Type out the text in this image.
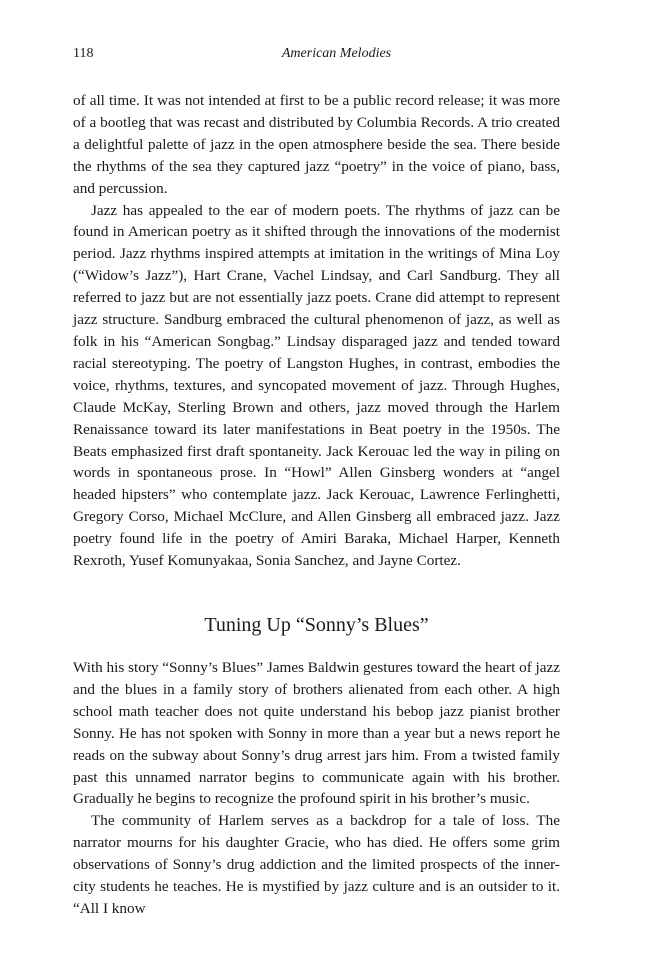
118	American Melodies

of all time. It was not intended at first to be a public record release; it was more of a bootleg that was recast and distributed by Columbia Records. A trio created a delightful palette of jazz in the open atmosphere beside the sea. There beside the rhythms of the sea they captured jazz “poetry” in the voice of piano, bass, and percussion.

Jazz has appealed to the ear of modern poets. The rhythms of jazz can be found in American poetry as it shifted through the innovations of the modernist period. Jazz rhythms inspired attempts at imitation in the writings of Mina Loy (“Widow’s Jazz”), Hart Crane, Vachel Lindsay, and Carl Sandburg. They all referred to jazz but are not essentially jazz poets. Crane did attempt to represent jazz structure. Sandburg embraced the cultural phenomenon of jazz, as well as folk in his “American Songbag.” Lindsay disparaged jazz and tended toward racial stereotyping. The poetry of Langston Hughes, in contrast, embodies the voice, rhythms, textures, and syncopated movement of jazz. Through Hughes, Claude McKay, Sterling Brown and others, jazz moved through the Harlem Renaissance toward its later manifestations in Beat poetry in the 1950s. The Beats emphasized first draft spontaneity. Jack Kerouac led the way in piling on words in spontaneous prose. In “Howl” Allen Ginsberg wonders at “angel headed hipsters” who contemplate jazz. Jack Kerouac, Lawrence Ferlinghetti, Gregory Corso, Michael McClure, and Allen Ginsberg all embraced jazz. Jazz poetry found life in the poetry of Amiri Baraka, Michael Harper, Kenneth Rexroth, Yusef Komunyakaa, Sonia Sanchez, and Jayne Cortez.

Tuning Up “Sonny’s Blues”

With his story “Sonny’s Blues” James Baldwin gestures toward the heart of jazz and the blues in a family story of brothers alienated from each other. A high school math teacher does not quite understand his bebop jazz pianist brother Sonny. He has not spoken with Sonny in more than a year but a news report he reads on the subway about Sonny’s drug arrest jars him. From a twisted family past this unnamed narrator begins to communicate again with his brother. Gradually he begins to recognize the profound spirit in his brother’s music.

The community of Harlem serves as a backdrop for a tale of loss. The narrator mourns for his daughter Gracie, who has died. He offers some grim observations of Sonny’s drug addiction and the limited prospects of the inner-city students he teaches. He is mystified by jazz culture and is an outsider to it. “All I know
